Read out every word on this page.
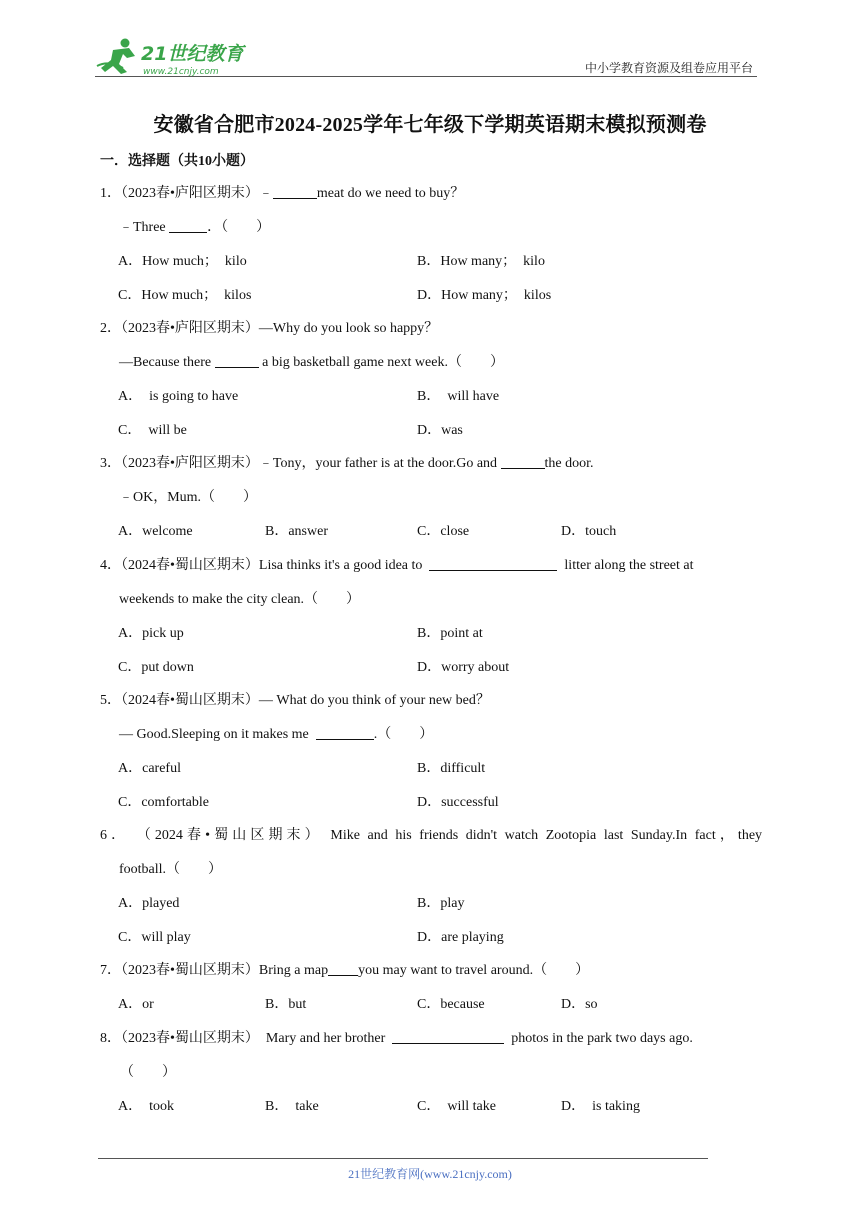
21世纪教育
www.21cnjy.com	中小学教育资源及组卷应用平台
安徽省合肥市2024-2025学年七年级下学期英语期末模拟预测卷
一．选择题（共10小题）
1．（2023春•庐阳区期末）﹣	meat do we need to buy？
﹣Three	．（　　）
A．How much；　kilo	B．How many；　kilo
C．How much；　kilos	D．How many；　kilos
2．（2023春•庐阳区期末）—Why do you look so happy？
—Because there	a big basketball game next week.（　　）
A．　is going to have	B．　will have
C．　will be	D．was
3．（2023春•庐阳区期末）﹣Tony，your father is at the door.Go and	the door.
﹣OK，Mum.（　　）
A．welcome	B．answer	C．close	D．touch
4．（2024春•蜀山区期末）Lisa thinks it's a good idea to	litter along the street at
weekends to make the city clean.（　　）
A．pick up	B．point at
C．put down	D．worry about
5．（2024春•蜀山区期末）— What do you think of your new bed？
— Good.Sleeping on it makes me	.（　　）
A．careful	B．difficult
C．comfortable	D．successful
6． （2024春•蜀山区期末） Mike and his friends didn't watch Zootopia last Sunday.In fact，they
football.（　　）
A．played	B．play
C．will play	D．are playing
7．（2023春•蜀山区期末）Bring a map you may want to travel around.（　　）
A．or	B．but	C．because	D．so
8．（2023春•蜀山区期末） Mary and her brother	photos in the park two days ago.
（　　）
A．　took	B．　take	C．　will take	D．　is taking
21世纪教育网(www.21cnjy.com)
